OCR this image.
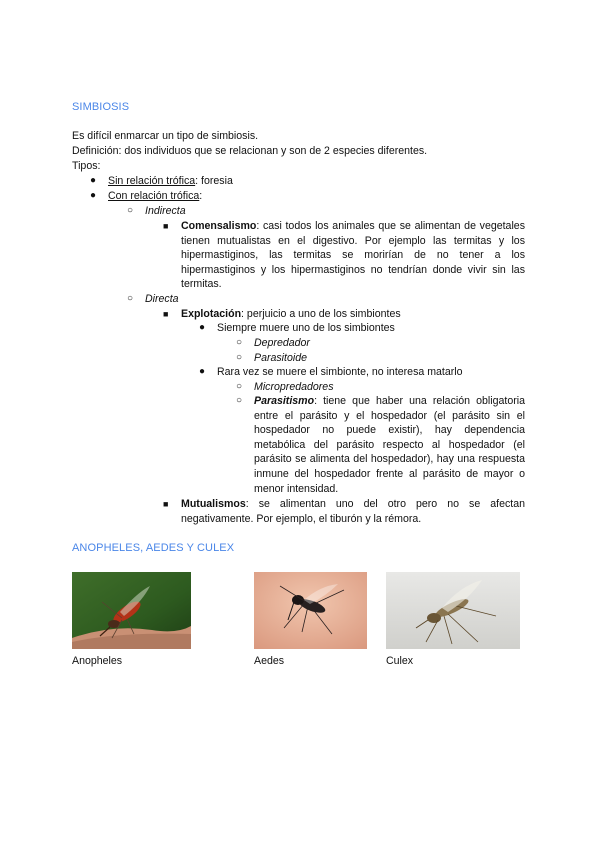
SIMBIOSIS
Es difícil enmarcar un tipo de simbiosis.
Definición: dos individuos que se relacionan y son de 2 especies diferentes.
Tipos:
● Sin relación trófica: foresia
● Con relación trófica:
○ Indirecta
■ Comensalismo: casi todos los animales que se alimentan de vegetales tienen mutualistas en el digestivo. Por ejemplo las termitas y los hipermastiginos, las termitas se morirían de no tener a los hipermastiginos y los hipermastiginos no tendrían donde vivir sin las termitas.
○ Directa
■ Explotación: perjuicio a uno de los simbiontes
● Siempre muere uno de los simbiontes
○ Depredador
○ Parasitoide
● Rara vez se muere el simbionte, no interesa matarlo
○ Micropredadores
○ Parasitismo: tiene que haber una relación obligatoria entre el parásito y el hospedador (el parásito sin el hospedador no puede existir), hay dependencia metabólica del parásito respecto al hospedador (el parásito se alimenta del hospedador), hay una respuesta inmune del hospedador frente al parásito de mayor o menor intensidad.
■ Mutualismos: se alimentan uno del otro pero no se afectan negativamente. Por ejemplo, el tiburón y la rémora.
ANOPHELES, AEDES Y CULEX
Anopheles	Aedes	Culex
